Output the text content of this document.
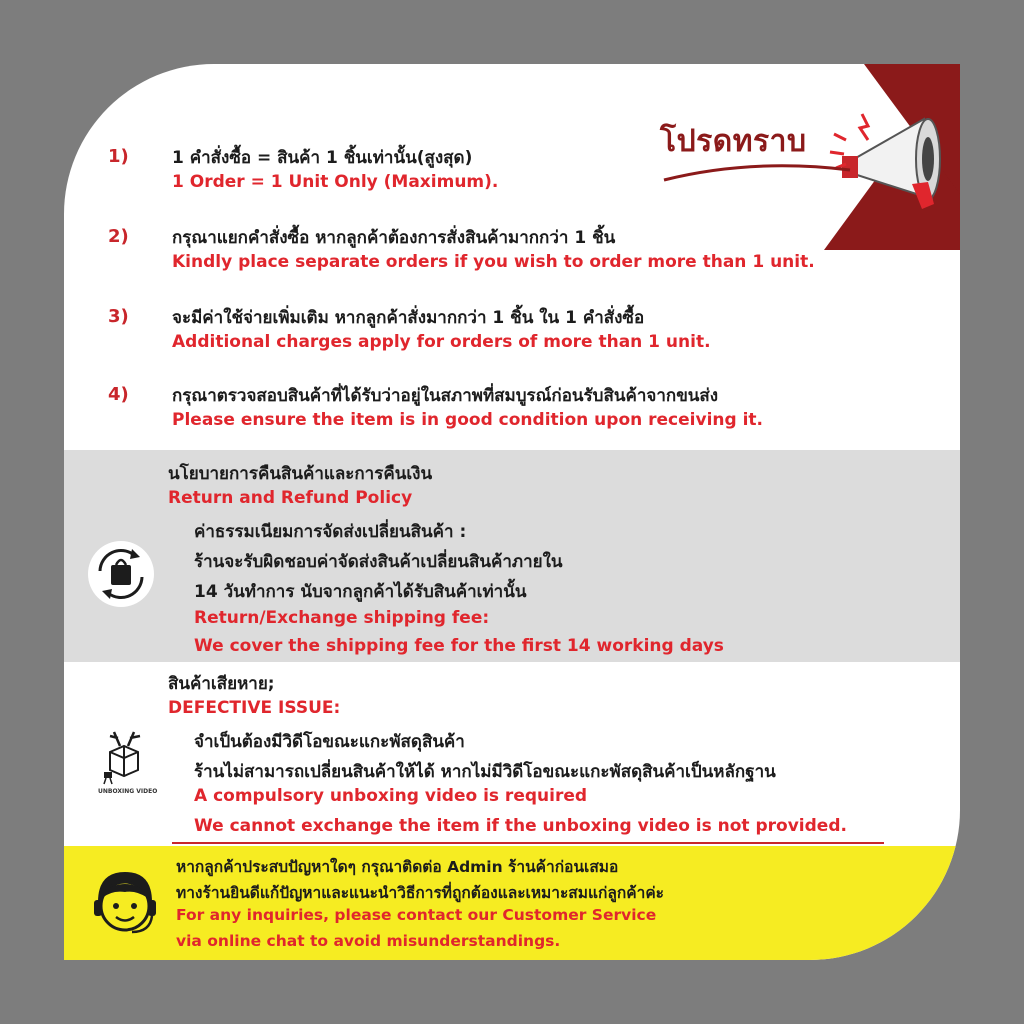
โปรดทราบ
1)	1 คำสั่งซื้อ = สินค้า 1 ชิ้นเท่านั้น(สูงสุด)
1 Order = 1 Unit Only (Maximum).
2)	กรุณาแยกคำสั่งซื้อ หากลูกค้าต้องการสั่งสินค้ามากกว่า 1 ชิ้น
Kindly place separate orders if you wish to order more than 1 unit.
3)	จะมีค่าใช้จ่ายเพิ่มเติม หากลูกค้าสั่งมากกว่า 1 ชิ้น ใน 1 คำสั่งซื้อ
Additional charges apply for orders of more than 1 unit.
4)	กรุณาตรวจสอบสินค้าที่ได้รับว่าอยู่ในสภาพที่สมบูรณ์ก่อนรับสินค้าจากขนส่ง
Please ensure the item is in good condition upon receiving it.
นโยบายการคืนสินค้าและการคืนเงิน
Return and Refund Policy
ค่าธรรมเนียมการจัดส่งเปลี่ยนสินค้า :
ร้านจะรับผิดชอบค่าจัดส่งสินค้าเปลี่ยนสินค้าภายใน
14 วันทำการ นับจากลูกค้าได้รับสินค้าเท่านั้น
Return/Exchange shipping fee:
We cover the shipping fee for the first 14 working days
สินค้าเสียหาย;
DEFECTIVE ISSUE:
จำเป็นต้องมีวิดีโอขณะแกะพัสดุสินค้า
ร้านไม่สามารถเปลี่ยนสินค้าให้ได้ หากไม่มีวิดีโอขณะแกะพัสดุสินค้าเป็นหลักฐาน
A compulsory unboxing video is required
We cannot exchange the item if the unboxing video is not provided.
UNBOXING VIDEO
หากลูกค้าประสบปัญหาใดๆ กรุณาติดต่อ Admin ร้านค้าก่อนเสมอ
ทางร้านยินดีแก้ปัญหาและแนะนำวิธีการที่ถูกต้องและเหมาะสมแก่ลูกค้าค่ะ
For any inquiries, please contact our Customer Service
via online chat to avoid misunderstandings.
